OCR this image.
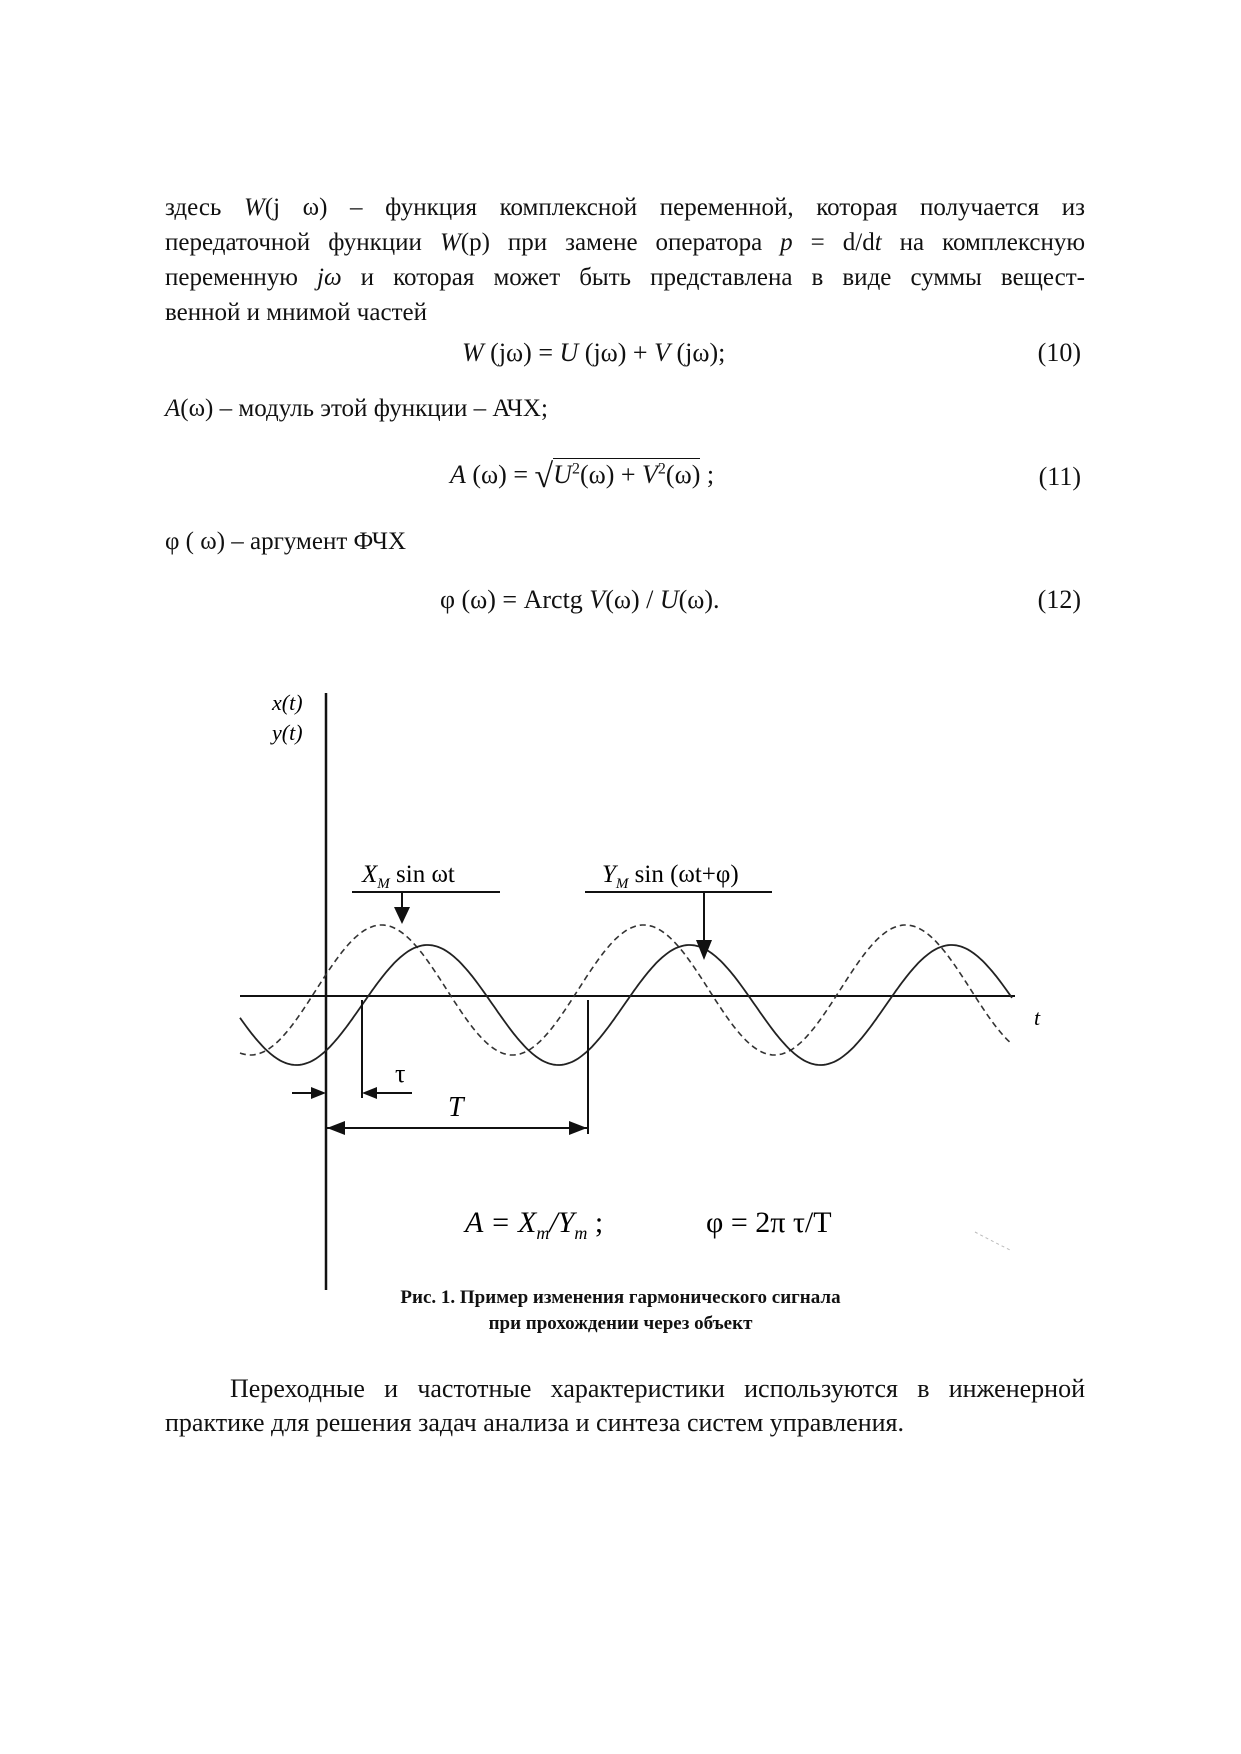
здесь W(j ω) – функция комплексной переменной, которая получается из
передаточной функции W(p) при замене оператора p = d/dt на комплексную
переменную jω и которая может быть представлена в виде суммы вещест-
венной и мнимой частей
W (jω) = U (jω) + V (jω);	(10)
A(ω) – модуль этой функции – АЧХ;
A $(\omega) = √U^2(\omega) + V^2(\omega)$ ;	(11)
φ ( ω) – аргумент ФЧХ
φ (ω) = Arctg V(ω) / U(ω).	(12)
x(t)
y(t)
t
$X_M$ sin ωt	$Y_M$ sin (ωt+φ)
τ
T
$A = X_m/Y_m$ ;	φ = 2π τ/T
Рис. 1. Пример изменения гармонического сигнала
при прохождении через объект
Переходные и частотные характеристики используются в инженерной
практике для решения задач анализа и синтеза систем управления.
